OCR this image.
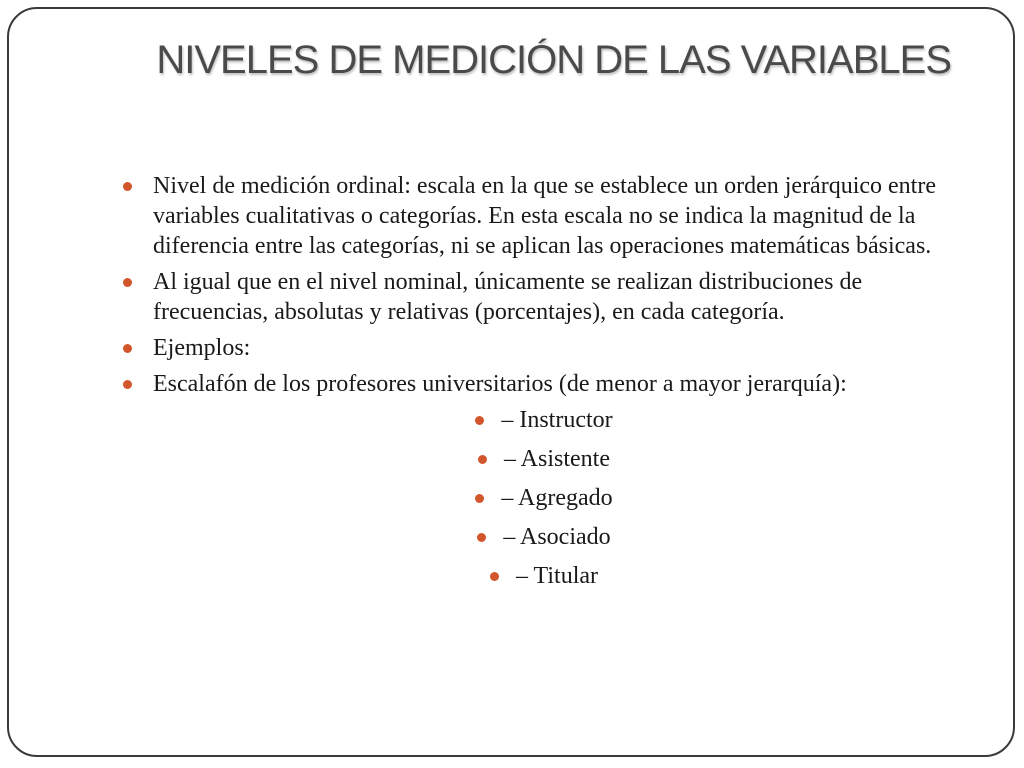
NIVELES DE MEDICIÓN DE LAS VARIABLES
Nivel de medición ordinal: escala en la que se establece un orden jerárquico entre variables cualitativas o categorías. En esta escala no se indica la magnitud de la diferencia entre las categorías, ni se aplican las operaciones matemáticas básicas.
Al igual que en el nivel nominal, únicamente se realizan distribuciones de frecuencias, absolutas y relativas (porcentajes), en cada categoría.
Ejemplos:
Escalafón de los profesores universitarios (de menor a mayor jerarquía):
– Instructor
– Asistente
– Agregado
– Asociado
– Titular
